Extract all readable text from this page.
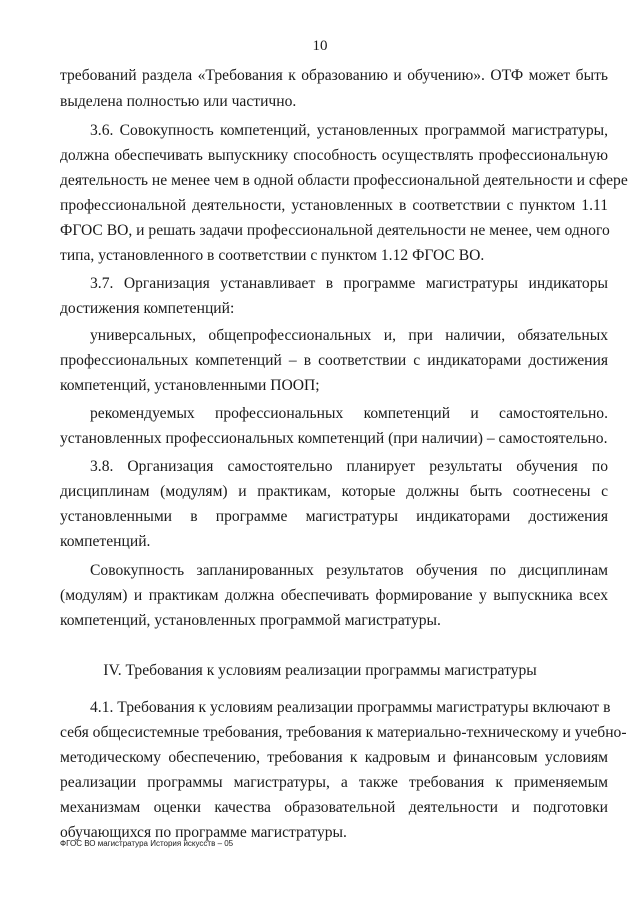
10
требований раздела «Требования к образованию и обучению». ОТФ может быть
выделена полностью или частично.
3.6. Совокупность компетенций, установленных программой магистратуры,
должна обеспечивать выпускнику способность осуществлять профессиональную
деятельность не менее чем в одной области профессиональной деятельности и сфере
профессиональной деятельности, установленных в соответствии с пунктом 1.11
ФГОС ВО, и решать задачи профессиональной деятельности не менее, чем одного
типа, установленного в соответствии с пунктом 1.12 ФГОС ВО.
3.7. Организация устанавливает в программе магистратуры индикаторы
достижения компетенций:
универсальных, общепрофессиональных и, при наличии, обязательных
профессиональных компетенций – в соответствии с индикаторами достижения
компетенций, установленными ПООП;
рекомендуемых профессиональных компетенций и самостоятельно.
установленных профессиональных компетенций (при наличии) – самостоятельно.
3.8. Организация самостоятельно планирует результаты обучения по
дисциплинам (модулям) и практикам, которые должны быть соотнесены с
установленными в программе магистратуры индикаторами достижения
компетенций.
Совокупность запланированных результатов обучения по дисциплинам
(модулям) и практикам должна обеспечивать формирование у выпускника всех
компетенций, установленных программой магистратуры.
IV. Требования к условиям реализации программы магистратуры
4.1. Требования к условиям реализации программы магистратуры включают в
себя общесистемные требования, требования к материально-техническому и учебно-
методическому обеспечению, требования к кадровым и финансовым условиям
реализации программы магистратуры, а также требования к применяемым
механизмам оценки качества образовательной деятельности и подготовки
обучающихся по программе магистратуры.
ФГОС ВО магистратура История искусств – 05
